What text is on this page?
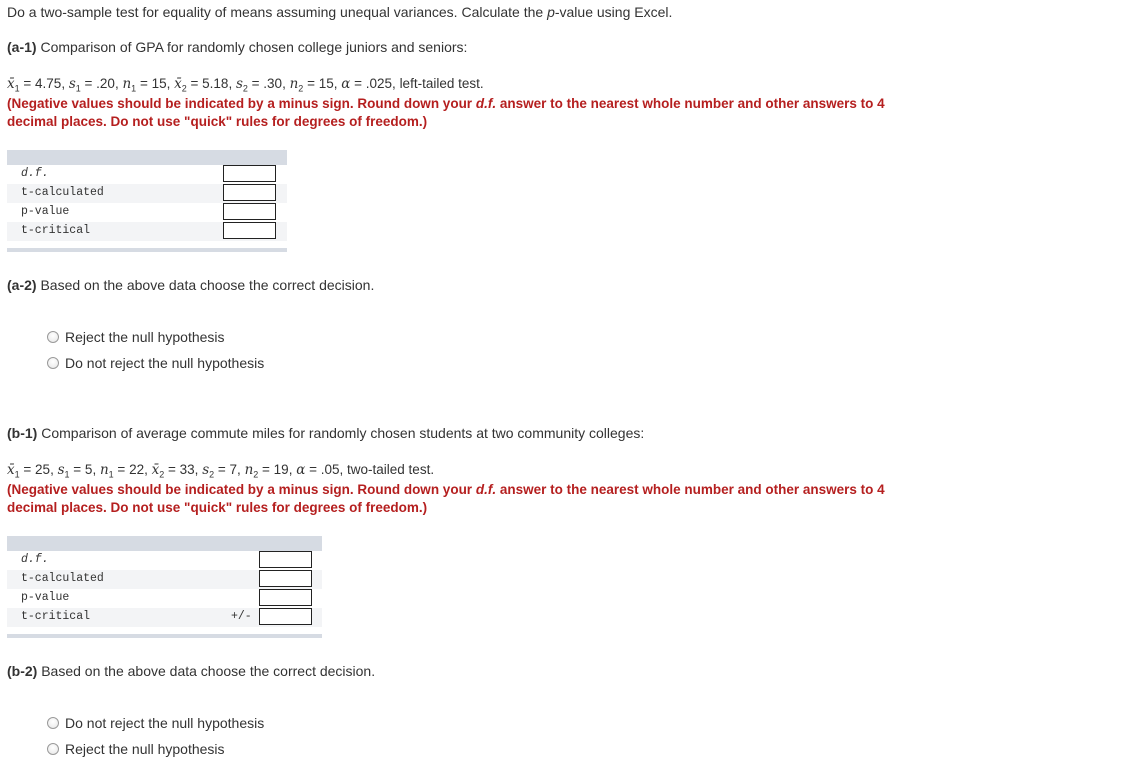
Do a two-sample test for equality of means assuming unequal variances. Calculate the p-value using Excel.
(a-1) Comparison of GPA for randomly chosen college juniors and seniors:
$x̄_1 = 4.75$, $s_1 = .20$, $n_1 = 15$, $x̄_2 = 5.18$, $s_2 = .30$, $n_2 = 15$, α = .025, left-tailed test.
(Negative values should be indicated by a minus sign. Round down your d.f. answer to the nearest whole number and other answers to 4 decimal places. Do not use "quick" rules for degrees of freedom.)
d.f.
t-calculated
p-value
t-critical
(a-2) Based on the above data choose the correct decision.
Reject the null hypothesis
Do not reject the null hypothesis
(b-1) Comparison of average commute miles for randomly chosen students at two community colleges:
$x̄_1 = 25$, $s_1 = 5$, $n_1 = 22$, $x̄_2 = 33$, $s_2 = 7$, $n_2 = 19$, α = .05, two-tailed test.
(Negative values should be indicated by a minus sign. Round down your d.f. answer to the nearest whole number and other answers to 4 decimal places. Do not use "quick" rules for degrees of freedom.)
d.f.
t-calculated
p-value
t-critical	+/-
(b-2) Based on the above data choose the correct decision.
Do not reject the null hypothesis
Reject the null hypothesis
